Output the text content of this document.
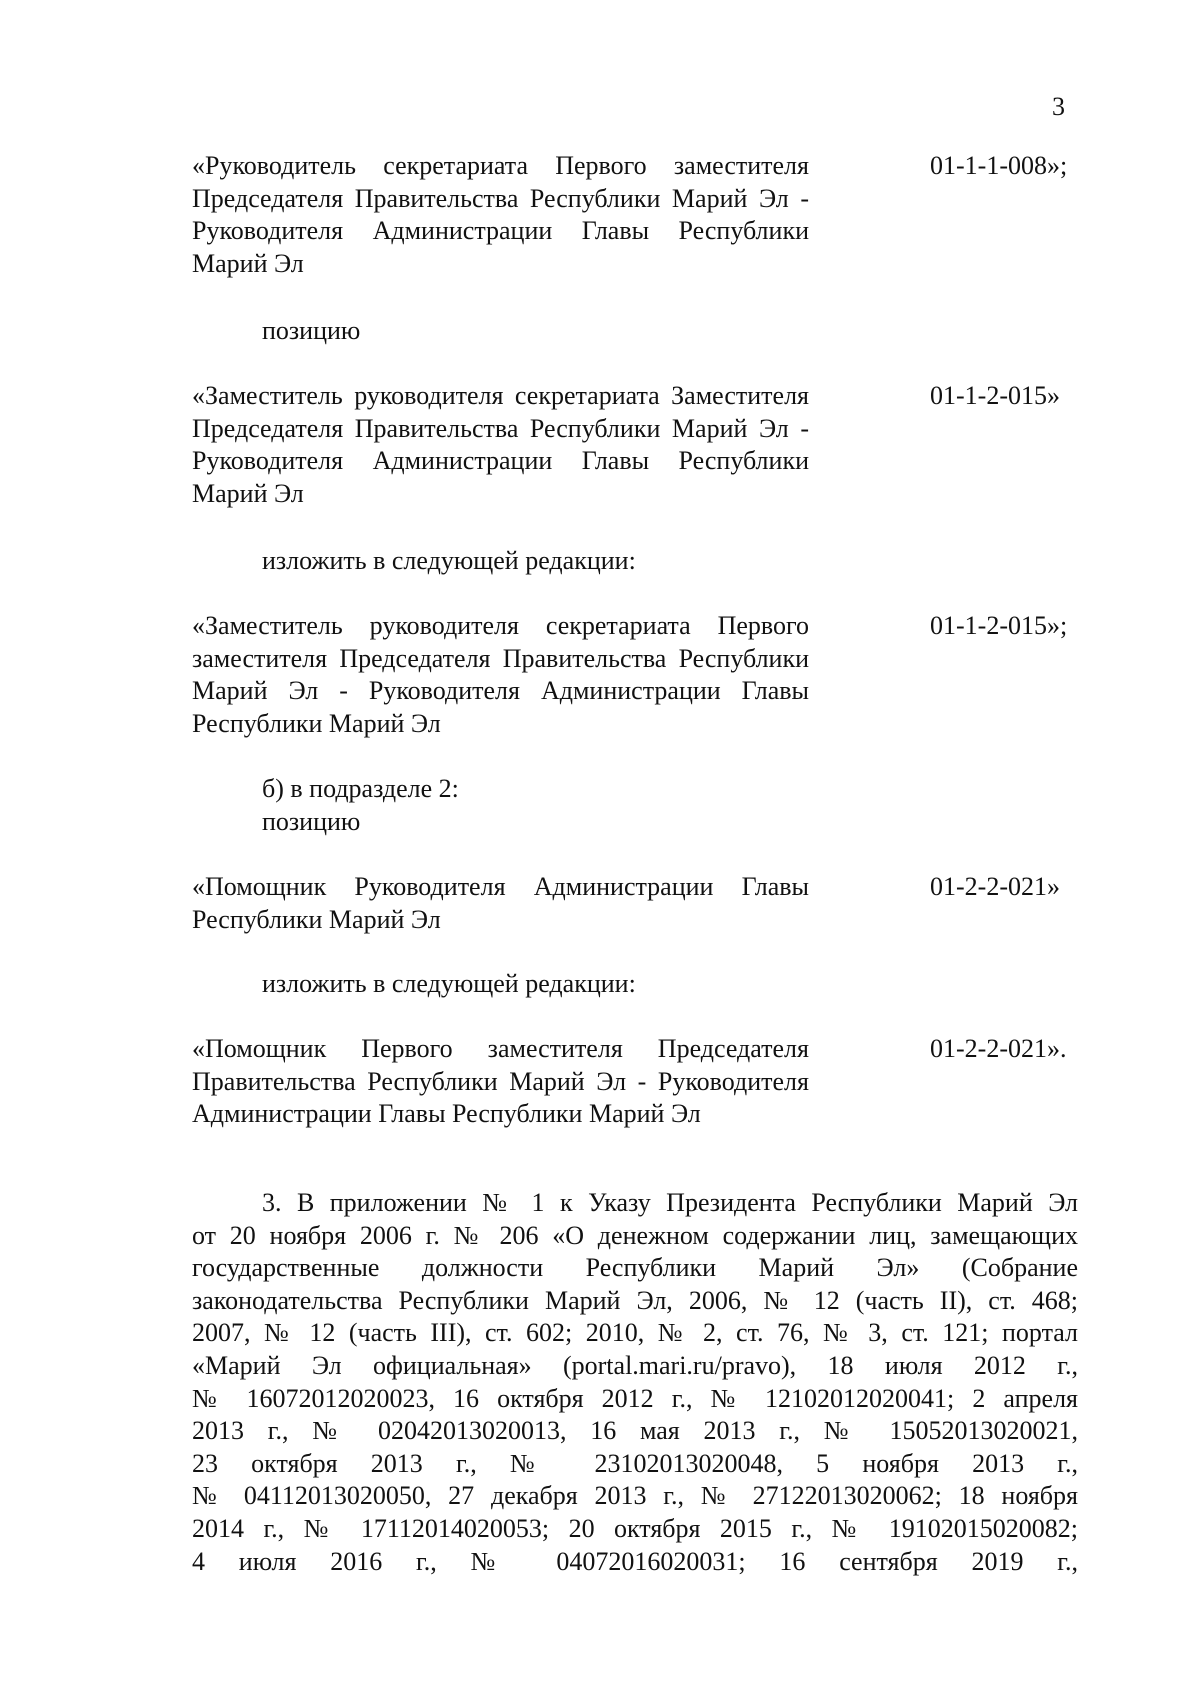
3
«Руководитель секретариата Первого заместителя Председателя Правительства Республики Марий Эл - Руководителя Администрации Главы Республики Марий Эл
01-1-1-008»;
позицию
«Заместитель руководителя секретариата Заместителя Председателя Правительства Республики Марий Эл - Руководителя Администрации Главы Республики Марий Эл
01-1-2-015»
изложить в следующей редакции:
«Заместитель руководителя секретариата Первого заместителя Председателя Правительства Республики Марий Эл - Руководителя Администрации Главы Республики Марий Эл
01-1-2-015»;
б) в подразделе 2:
позицию
«Помощник Руководителя Администрации Главы Республики Марий Эл
01-2-2-021»
изложить в следующей редакции:
«Помощник Первого заместителя Председателя Правительства Республики Марий Эл - Руководителя Администрации Главы Республики Марий Эл
01-2-2-021».
3. В приложении № 1 к Указу Президента Республики Марий Эл
от 20 ноября 2006 г. № 206 «О денежном содержании лиц, замещающих
государственные должности Республики Марий Эл» (Собрание
законодательства Республики Марий Эл, 2006, № 12 (часть II), ст. 468;
2007, № 12 (часть III), ст. 602; 2010, № 2, ст. 76, № 3, ст. 121; портал
«Марий Эл официальная» (portal.mari.ru/pravo), 18 июля 2012 г.,
№ 16072012020023, 16 октября 2012 г., № 12102012020041; 2 апреля
2013 г., № 02042013020013, 16 мая 2013 г., № 15052013020021,
23 октября 2013 г., № 23102013020048, 5 ноября 2013 г.,
№ 04112013020050, 27 декабря 2013 г., № 27122013020062; 18 ноября
2014 г., № 17112014020053; 20 октября 2015 г., № 19102015020082;
4 июля 2016 г., № 04072016020031; 16 сентября 2019 г.,
